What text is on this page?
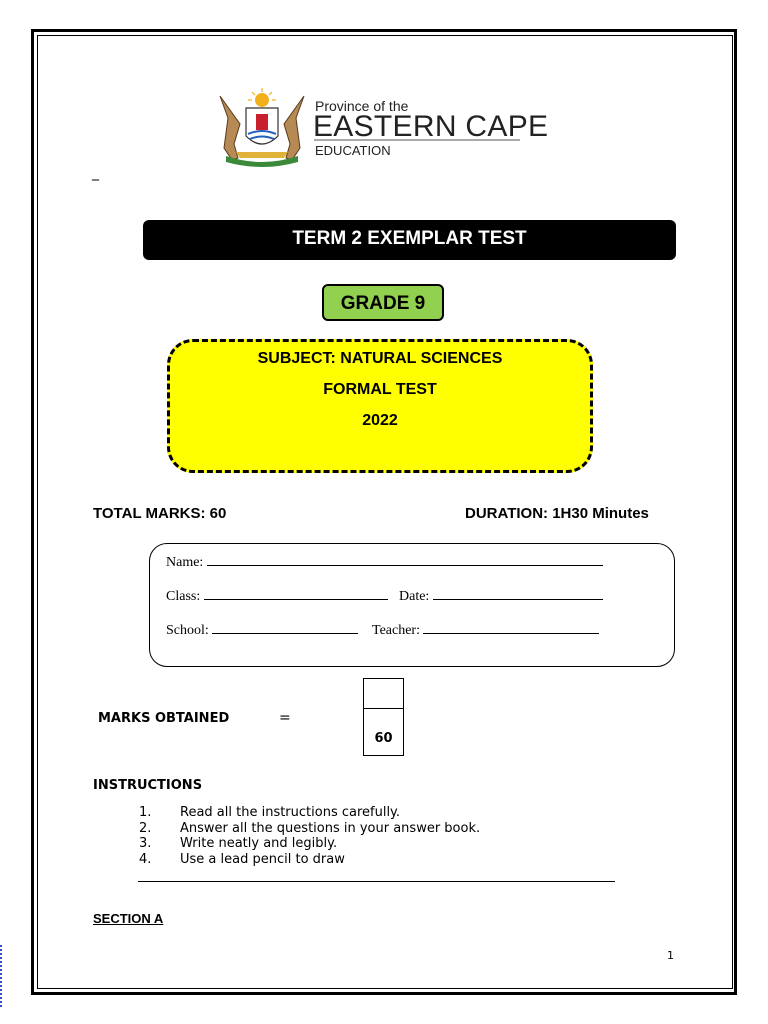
Province of the
EASTERN CAPE
EDUCATION
_
TERM 2 EXEMPLAR TEST
GRADE 9
SUBJECT: NATURAL SCIENCES
FORMAL TEST
2022
TOTAL MARKS: 60	DURATION: 1H30 Minutes
Name:
Class:	Date:
School:	Teacher:
MARKS OBTAINED	=
60
INSTRUCTIONS
1.	Read all the instructions carefully.
2.	Answer all the questions in your answer book.
3.	Write neatly and legibly.
4.	Use a lead pencil to draw
SECTION A
1
